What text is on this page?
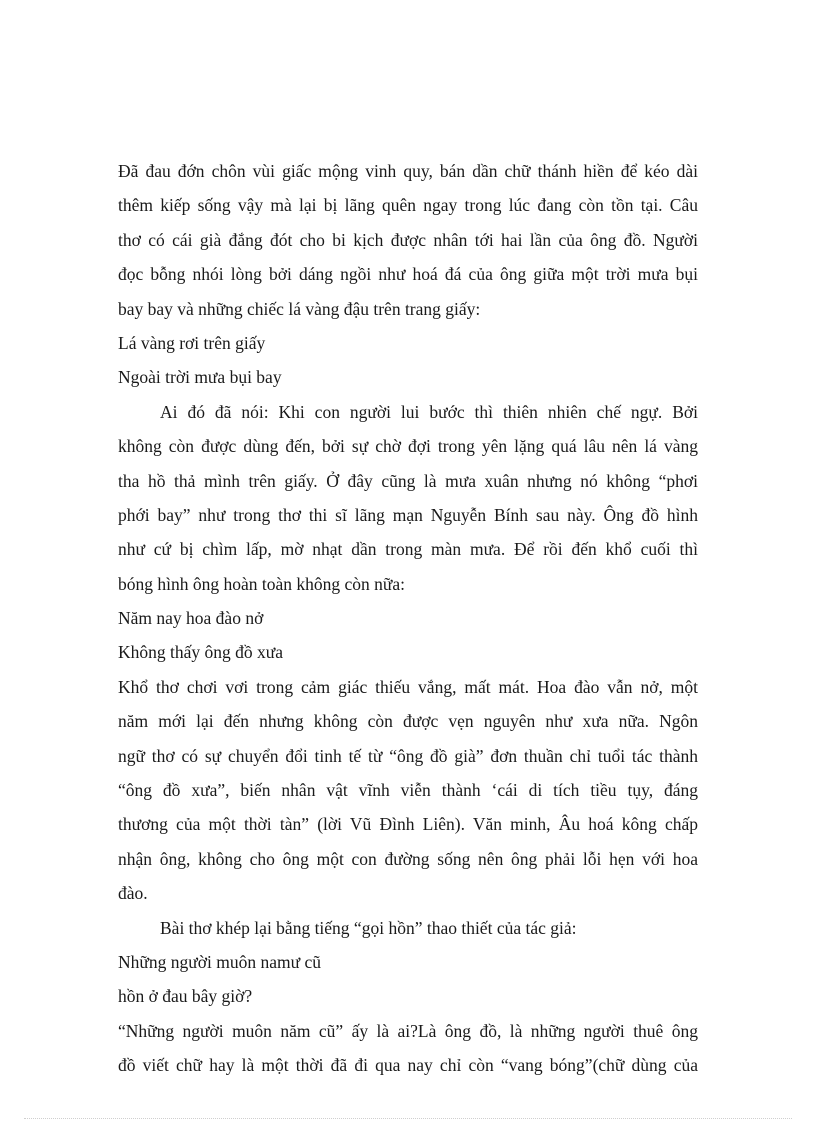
Đã đau đớn chôn vùi giấc mộng vinh quy, bán dần chữ thánh hiền để kéo dài
thêm kiếp sống vậy mà lại bị lãng quên ngay trong lúc đang còn tồn tại. Câu
thơ có cái già đắng đót cho bi kịch được nhân tới hai lần của ông đồ. Người
đọc bỗng nhói lòng bởi dáng ngồi như hoá đá của ông giữa một trời mưa bụi
bay bay và những chiếc lá vàng đậu trên trang giấy:
Lá vàng rơi trên giấy
Ngoài trời mưa bụi bay
Ai đó đã nói: Khi con người lui bước thì thiên nhiên chế ngự. Bởi
không còn được dùng đến, bởi sự chờ đợi trong yên lặng quá lâu nên lá vàng
tha hồ thả mình trên giấy. Ở đây cũng là mưa xuân nhưng nó không “phơi
phới bay” như trong thơ thi sĩ lãng mạn Nguyễn Bính sau này. Ông đồ hình
như cứ bị chìm lấp, mờ nhạt dần trong màn mưa. Để rồi đến khổ cuối thì
bóng hình ông hoàn toàn không còn nữa:
Năm nay hoa đào nở
Không thấy ông đồ xưa
Khổ thơ chơi vơi trong cảm giác thiếu vắng, mất mát. Hoa đào vẫn nở, một
năm mới lại đến nhưng không còn được vẹn nguyên như xưa nữa. Ngôn
ngữ thơ có sự chuyển đổi tinh tế từ “ông đồ già” đơn thuần chỉ tuổi tác thành
“ông đồ xưa”, biến nhân vật vĩnh viễn thành ‘cái di tích tiều tụy, đáng
thương của một thời tàn” (lời Vũ Đình Liên). Văn minh, Âu hoá kông chấp
nhận ông, không cho ông một con đường sống nên ông phải lỗi hẹn với hoa
đào.
Bài thơ khép lại bằng tiếng “gọi hồn” thao thiết của tác giả:
Những người muôn namư cũ
hồn ở đau bây giờ?
“Những người muôn năm cũ” ấy là ai?Là ông đồ, là những người thuê ông
đồ viết chữ hay là một thời đã đi qua nay chỉ còn “vang bóng”(chữ dùng của
